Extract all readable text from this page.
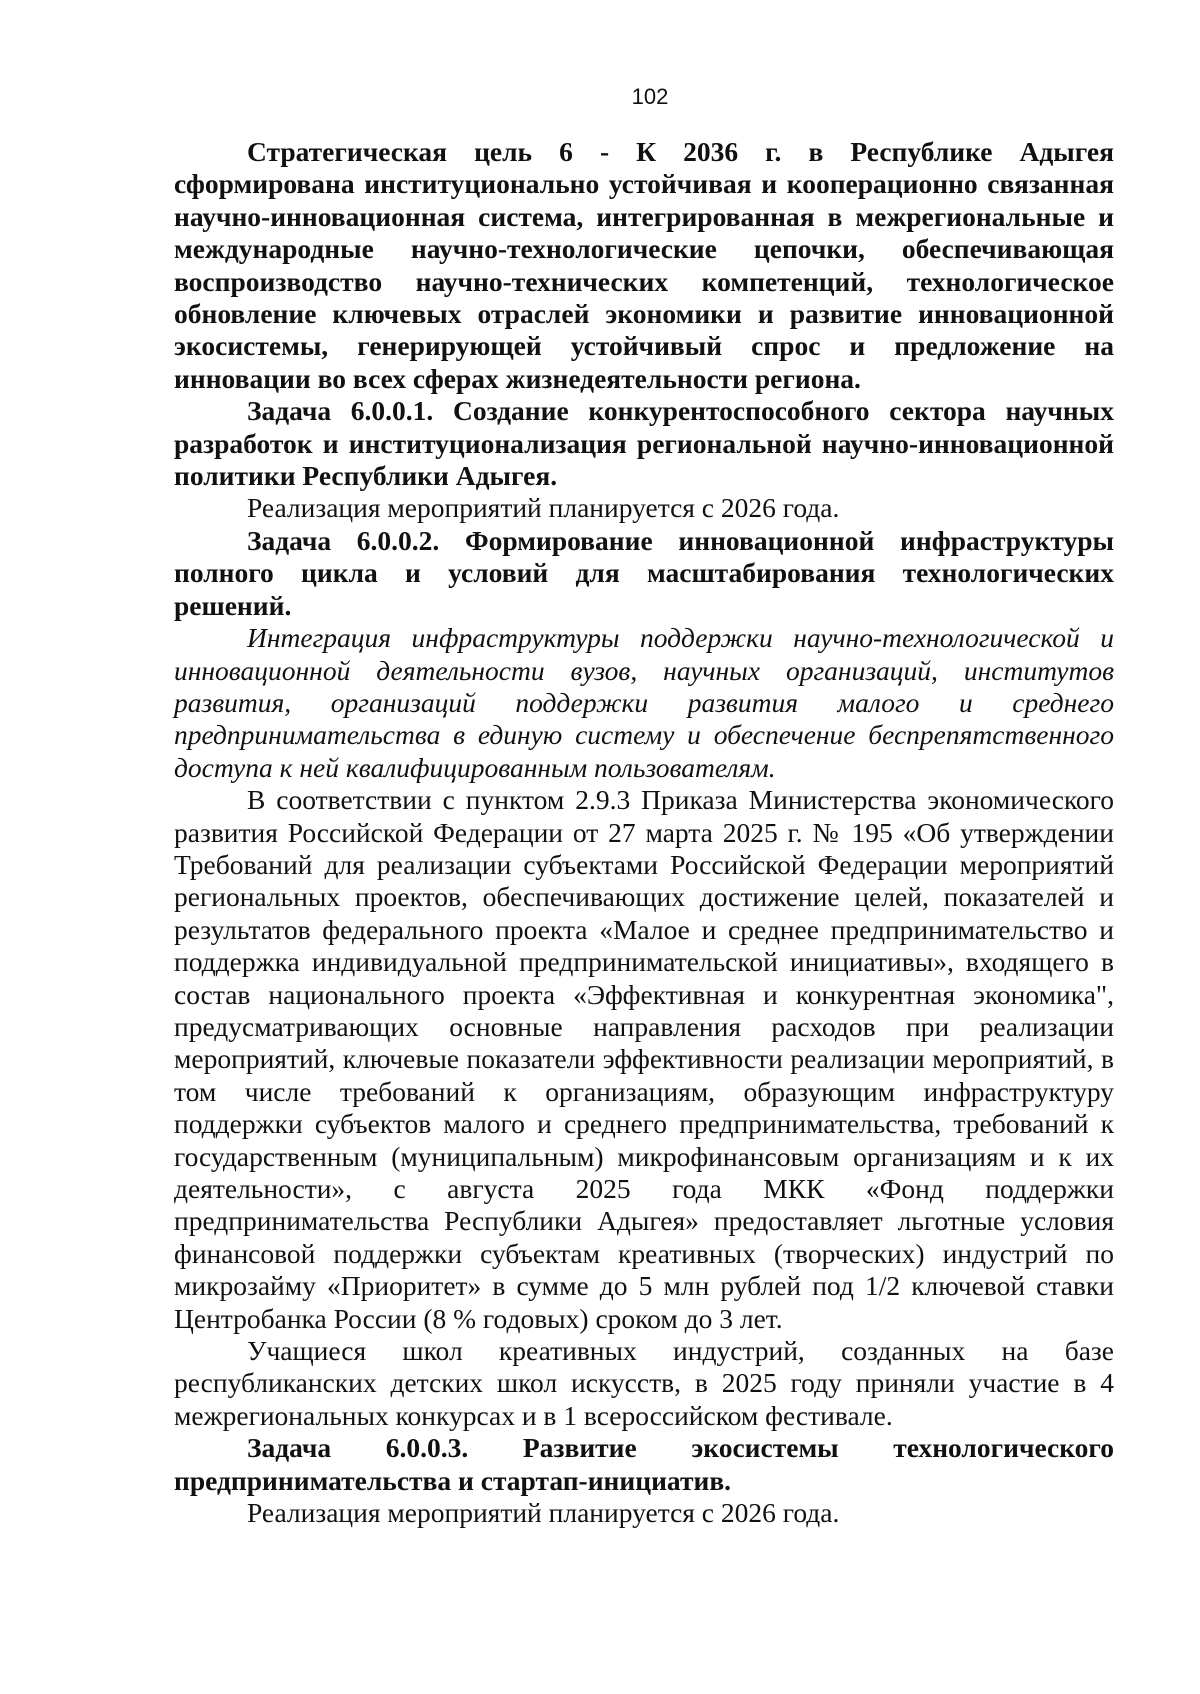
102

Стратегическая цель 6 - К 2036 г. в Республике Адыгея сформирована институционально устойчивая и кооперационно связанная научно-инновационная система, интегрированная в межрегиональные и международные научно-технологические цепочки, обеспечивающая воспроизводство научно-технических компетенций, технологическое обновление ключевых отраслей экономики и развитие инновационной экосистемы, генерирующей устойчивый спрос и предложение на инновации во всех сферах жизнедеятельности региона.

Задача 6.0.0.1. Создание конкурентоспособного сектора научных разработок и институционализация региональной научно-инновационной политики Республики Адыгея.

Реализация мероприятий планируется с 2026 года.

Задача 6.0.0.2. Формирование инновационной инфраструктуры полного цикла и условий для масштабирования технологических решений.

Интеграция инфраструктуры поддержки научно-технологической и инновационной деятельности вузов, научных организаций, институтов развития, организаций поддержки развития малого и среднего предпринимательства в единую систему и обеспечение беспрепятственного доступа к ней квалифицированным пользователям.

В соответствии с пунктом 2.9.3 Приказа Министерства экономического развития Российской Федерации от 27 марта 2025 г. № 195 «Об утверждении Требований для реализации субъектами Российской Федерации мероприятий региональных проектов, обеспечивающих достижение целей, показателей и результатов федерального проекта «Малое и среднее предпринимательство и поддержка индивидуальной предпринимательской инициативы», входящего в состав национального проекта «Эффективная и конкурентная экономика", предусматривающих основные направления расходов при реализации мероприятий, ключевые показатели эффективности реализации мероприятий, в том числе требований к организациям, образующим инфраструктуру поддержки субъектов малого и среднего предпринимательства, требований к государственным (муниципальным) микрофинансовым организациям и к их деятельности», с августа 2025 года МКК «Фонд поддержки предпринимательства Республики Адыгея» предоставляет льготные условия финансовой поддержки субъектам креативных (творческих) индустрий по микрозайму «Приоритет» в сумме до 5 млн рублей под 1/2 ключевой ставки Центробанка России (8 % годовых) сроком до 3 лет.

Учащиеся школ креативных индустрий, созданных на базе республиканских детских школ искусств, в 2025 году приняли участие в 4 межрегиональных конкурсах и в 1 всероссийском фестивале.

Задача 6.0.0.3. Развитие экосистемы технологического предпринимательства и стартап-инициатив.

Реализация мероприятий планируется с 2026 года.
